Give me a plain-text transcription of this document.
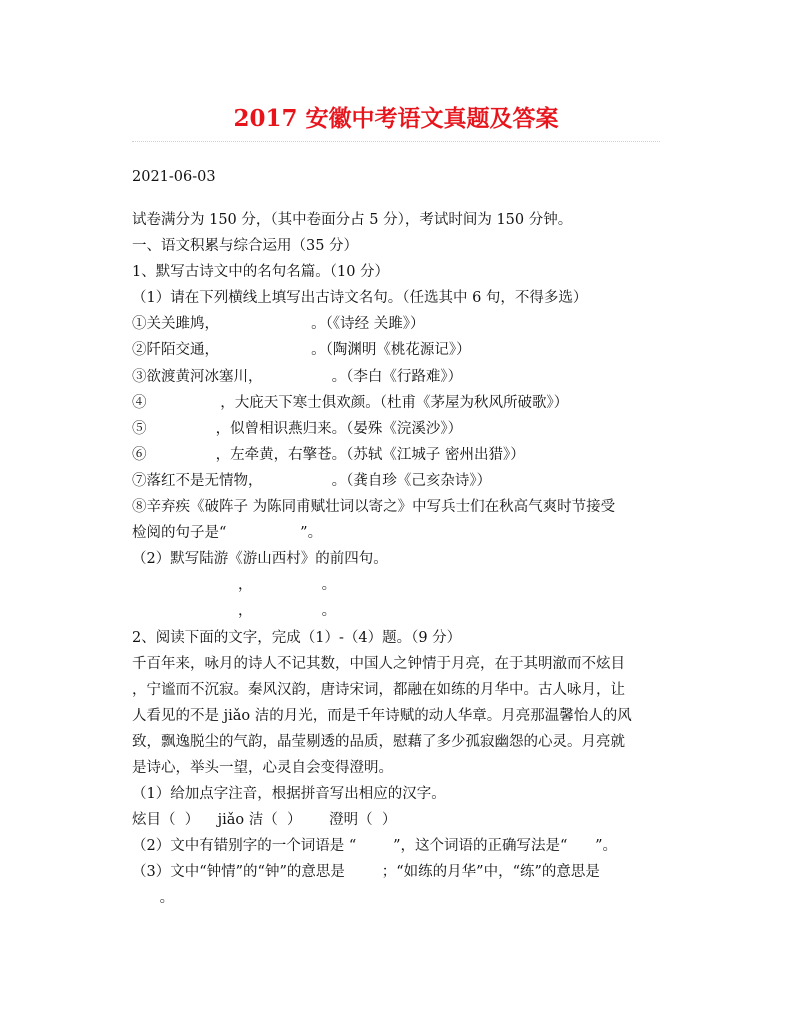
2017 安徽中考语文真题及答案
2021-06-03
试卷满分为 150 分，（其中卷面分占 5 分），考试时间为 150 分钟。
一、语文积累与综合运用（35 分）
1、默写古诗文中的名句名篇。（10 分）
（1）请在下列横线上填写出古诗文名句。（任选其中 6 句，不得多选）
①关关雎鸠，                    。（《诗经 关雎》）
②阡陌交通，                    。（陶渊明《桃花源记》）
③欲渡黄河冰塞川，               。（李白《行路难》）
④                ，大庇天下寒士俱欢颜。（杜甫《茅屋为秋风所破歌》）
⑤               ，似曾相识燕归来。（晏殊《浣溪沙》）
⑥               ，左牵黄，右擎苍。（苏轼《江城子 密州出猎》）
⑦落红不是无情物，               。（龚自珍《己亥杂诗》）
⑧辛弃疾《破阵子 为陈同甫赋壮词以寄之》中写兵士们在秋高气爽时节接受
检阅的句子是“                ”。
（2）默写陆游《游山西村》的前四句。
，               。
，               。
2、阅读下面的文字，完成（1）-（4）题。（9 分）
千百年来，咏月的诗人不记其数，中国人之钟情于月亮，在于其明澈而不炫目
，宁谧而不沉寂。秦风汉韵，唐诗宋词，都融在如练的月华中。古人咏月，让
人看见的不是 jiǎo 洁的月光，而是千年诗赋的动人华章。月亮那温馨怡人的风
致，飘逸脱尘的气韵，晶莹剔透的品质，慰藉了多少孤寂幽怨的心灵。月亮就
是诗心，举头一望，心灵自会变得澄明。
（1）给加点字注音，根据拼音写出相应的汉字。
炫目（  ）    jiǎo 洁（  ）      澄明（  ）
（2）文中有错别字的一个词语是 “        ”，这个词语的正确写法是“      ”。
（3）文中“钟情”的“钟”的意思是        ；“如练的月华”中，“练”的意思是
。
